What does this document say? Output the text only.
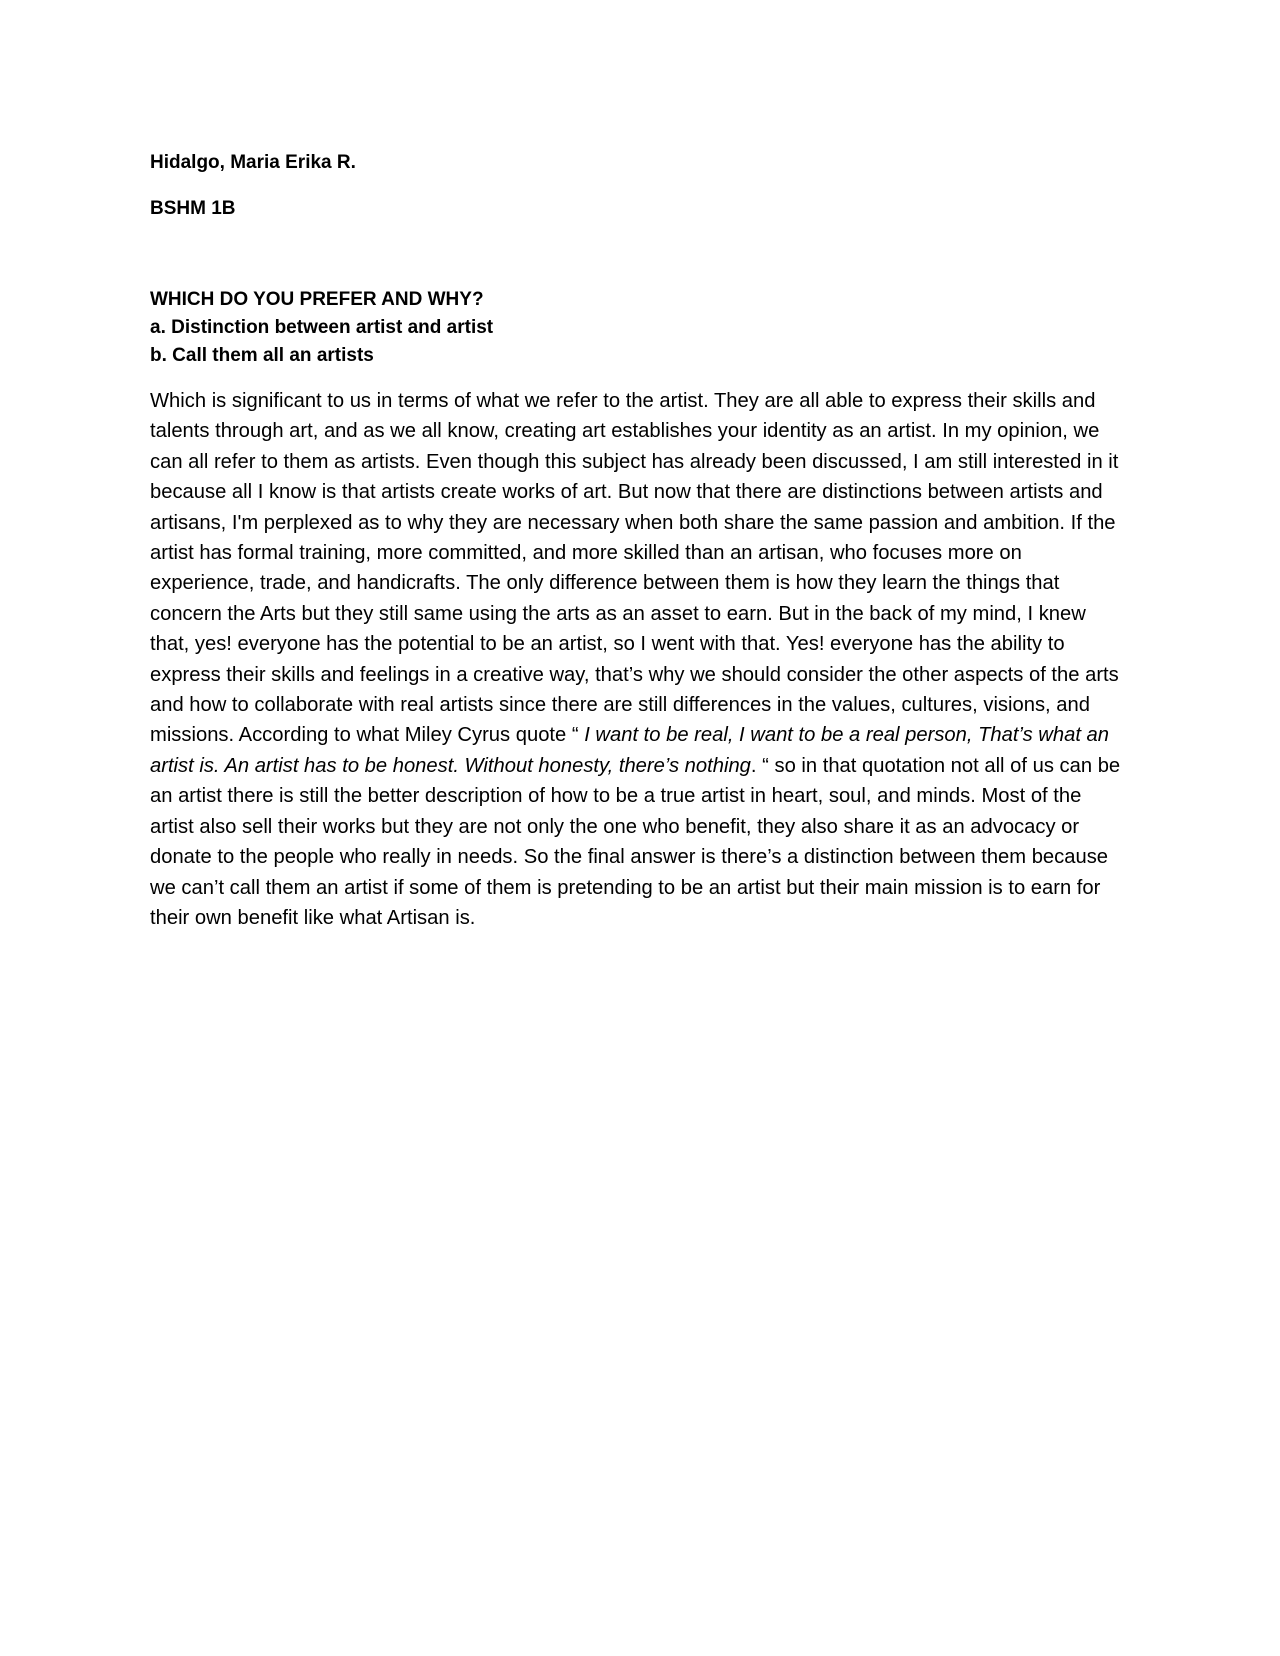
Hidalgo, Maria Erika R.

BSHM 1B

WHICH DO YOU PREFER AND WHY?

a. Distinction between artist and artist

b. Call them all an artists

Which is significant to us in terms of what we refer to the artist. They are all able to express their skills and talents through art, and as we all know, creating art establishes your identity as an artist. In my opinion, we can all refer to them as artists. Even though this subject has already been discussed, I am still interested in it because all I know is that artists create works of art. But now that there are distinctions between artists and artisans, I'm perplexed as to why they are necessary when both share the same passion and ambition. If the artist has formal training, more committed, and more skilled than an artisan, who focuses more on experience, trade, and handicrafts. The only difference between them is how they learn the things that concern the Arts but they still same using the arts as an asset to earn. But in the back of my mind, I knew that, yes! everyone has the potential to be an artist, so I went with that. Yes! everyone has the ability to express their skills and feelings in a creative way, that’s why we should consider the other aspects of the arts and how to collaborate with real artists since there are still differences in the values, cultures, visions, and missions. According to what Miley Cyrus quote “ I want to be real, I want to be a real person, That’s what an artist is. An artist has to be honest. Without honesty, there’s nothing. “ so in that quotation not all of us can be an artist there is still the better description of how to be a true artist in heart, soul, and minds. Most of the artist also sell their works but they are not only the one who benefit, they also share it as an advocacy or donate to the people who really in needs. So the final answer is there’s a distinction between them because we can’t call them an artist if some of them is pretending to be an artist but their main mission is to earn for their own benefit like what Artisan is.
